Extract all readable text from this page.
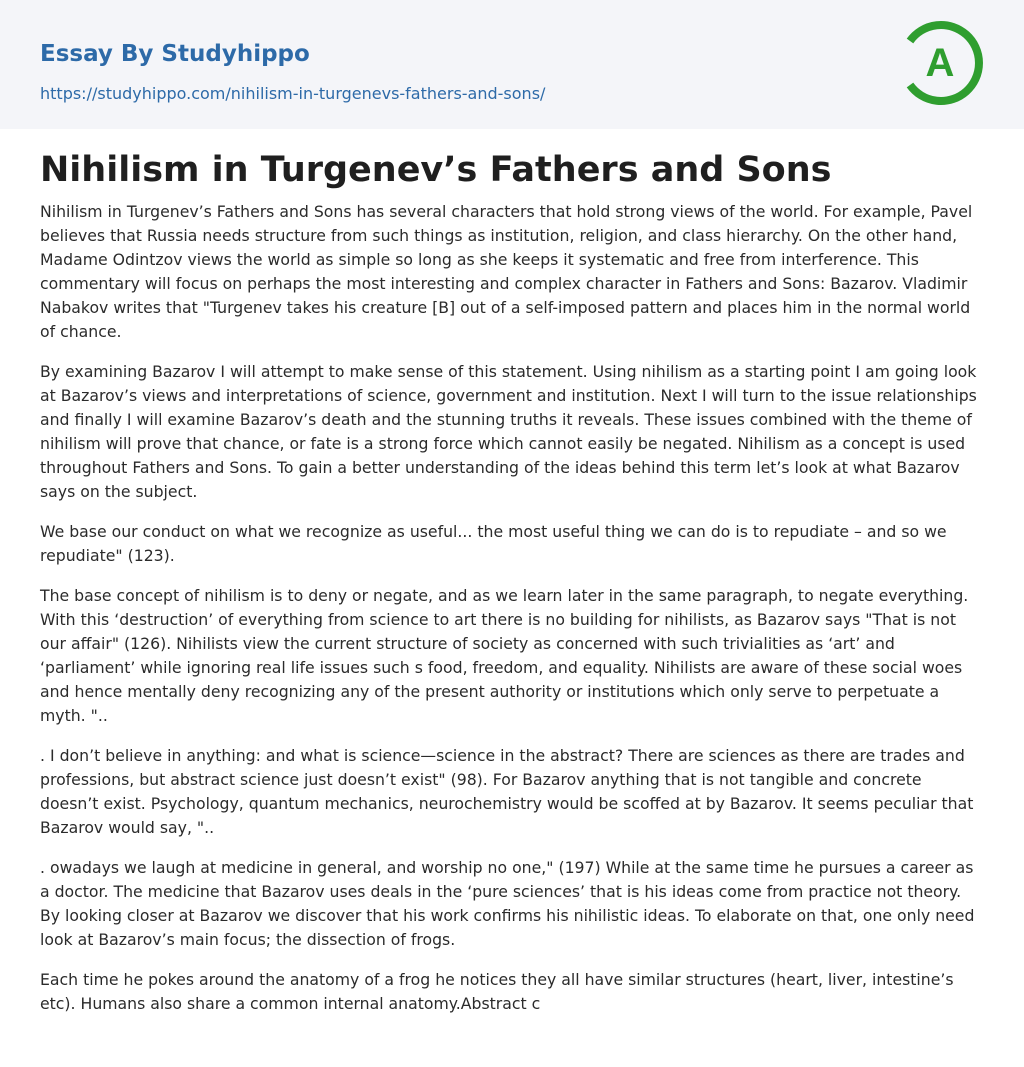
Essay By Studyhippo
https://studyhippo.com/nihilism-in-turgenevs-fathers-and-sons/
A
Nihilism in Turgenev’s Fathers and Sons

Nihilism in Turgenev’s Fathers and Sons has several characters that hold strong views of the world. For example, Pavel believes that Russia needs structure from such things as institution, religion, and class hierarchy. On the other hand, Madame Odintzov views the world as simple so long as she keeps it systematic and free from interference. This commentary will focus on perhaps the most interesting and complex character in Fathers and Sons: Bazarov. Vladimir Nabakov writes that "Turgenev takes his creature [B] out of a self-imposed pattern and places him in the normal world of chance.

By examining Bazarov I will attempt to make sense of this statement. Using nihilism as a starting point I am going look at Bazarov’s views and interpretations of science, government and institution. Next I will turn to the issue relationships and finally I will examine Bazarov’s death and the stunning truths it reveals. These issues combined with the theme of nihilism will prove that chance, or fate is a strong force which cannot easily be negated. Nihilism as a concept is used throughout Fathers and Sons. To gain a better understanding of the ideas behind this term let’s look at what Bazarov says on the subject.

We base our conduct on what we recognize as useful... the most useful thing we can do is to repudiate – and so we repudiate" (123).

The base concept of nihilism is to deny or negate, and as we learn later in the same paragraph, to negate everything. With this ‘destruction’ of everything from science to art there is no building for nihilists, as Bazarov says "That is not our affair" (126). Nihilists view the current structure of society as concerned with such trivialities as ‘art’ and ‘parliament’ while ignoring real life issues such s food, freedom, and equality. Nihilists are aware of these social woes and hence mentally deny recognizing any of the present authority or institutions which only serve to perpetuate a myth. "..

. I don’t believe in anything: and what is science—science in the abstract? There are sciences as there are trades and professions, but abstract science just doesn’t exist" (98). For Bazarov anything that is not tangible and concrete doesn’t exist. Psychology, quantum mechanics, neurochemistry would be scoffed at by Bazarov. It seems peculiar that Bazarov would say, "..

. owadays we laugh at medicine in general, and worship no one," (197) While at the same time he pursues a career as a doctor. The medicine that Bazarov uses deals in the ‘pure sciences’ that is his ideas come from practice not theory. By looking closer at Bazarov we discover that his work confirms his nihilistic ideas. To elaborate on that, one only need look at Bazarov’s main focus; the dissection of frogs.

Each time he pokes around the anatomy of a frog he notices they all have similar structures (heart, liver, intestine’s etc). Humans also share a common internal anatomy.Abstract c
